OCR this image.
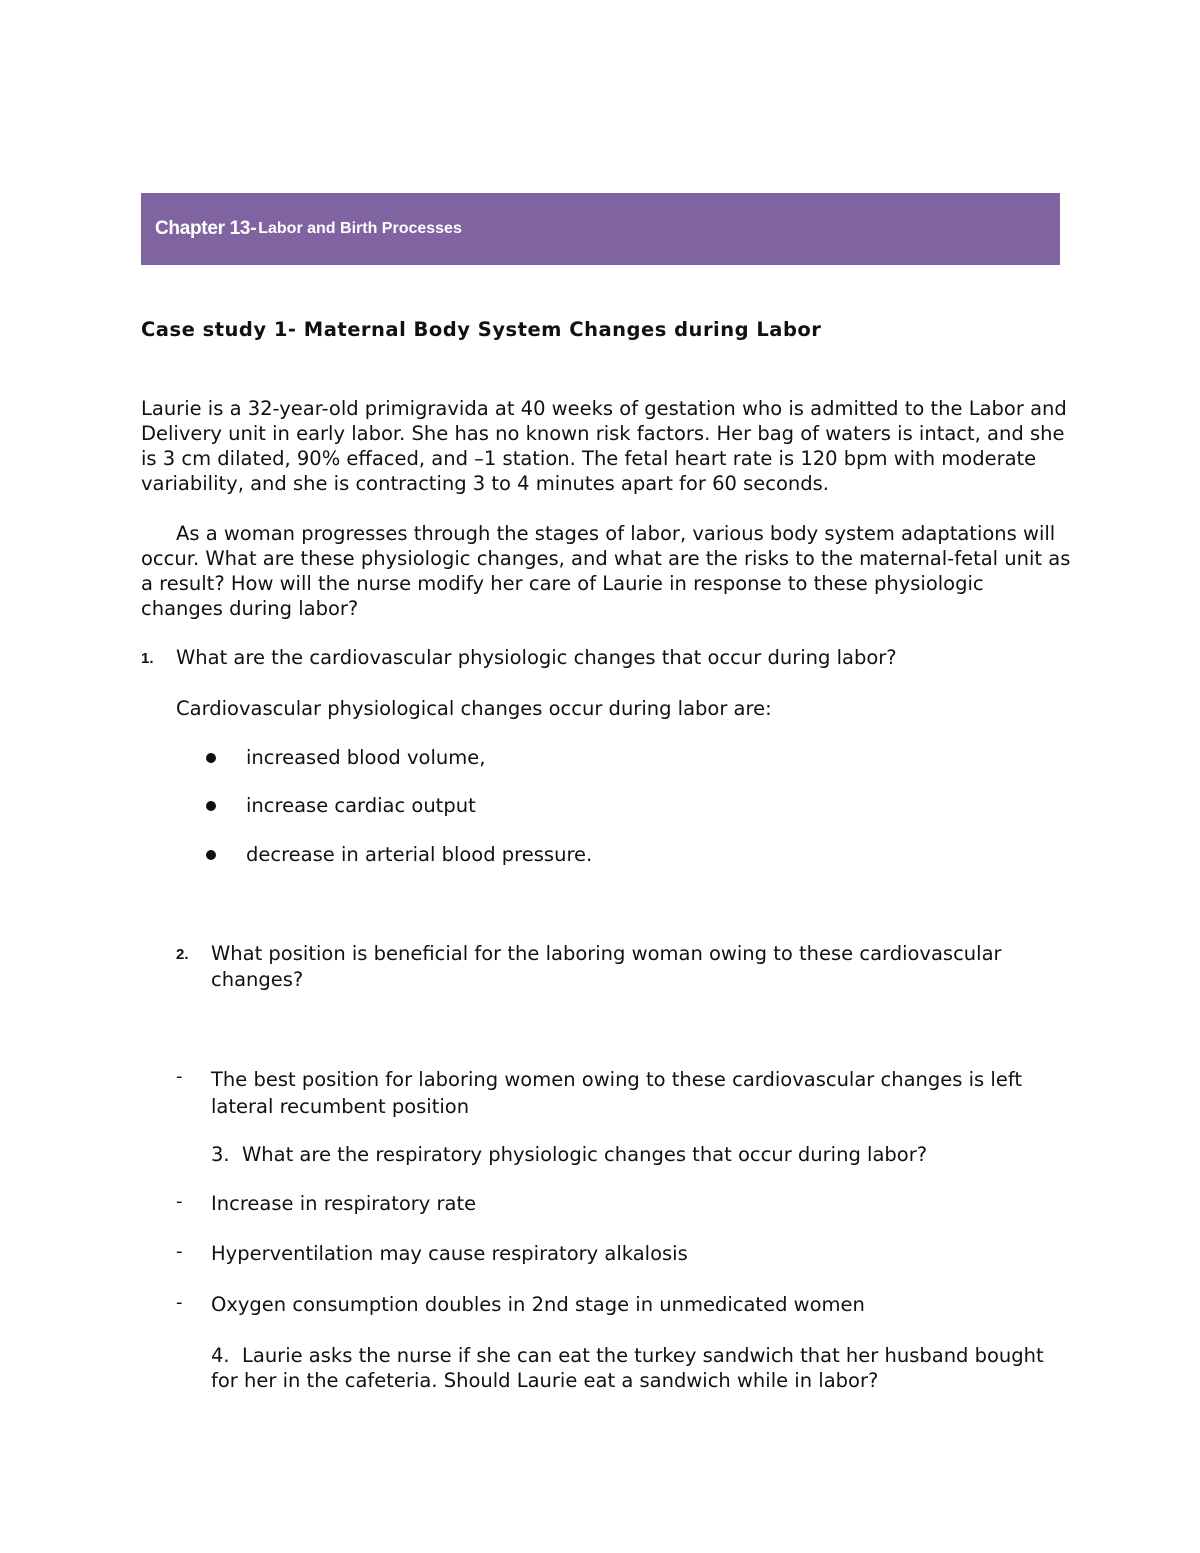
Chapter 13- Labor and Birth Processes
Case study 1- Maternal Body System Changes during Labor

Laurie is a 32-year-old primigravida at 40 weeks of gestation who is admitted to the Labor and Delivery unit in early labor. She has no known risk factors. Her bag of waters is intact, and she is 3 cm dilated, 90% effaced, and –1 station. The fetal heart rate is 120 bpm with moderate variability, and she is contracting 3 to 4 minutes apart for 60 seconds.

As a woman progresses through the stages of labor, various body system adaptations will occur. What are these physiologic changes, and what are the risks to the maternal-fetal unit as a result? How will the nurse modify her care of Laurie in response to these physiologic changes during labor?

1. What are the cardiovascular physiologic changes that occur during labor?
Cardiovascular physiological changes occur during labor are:
increased blood volume,
increase cardiac output
decrease in arterial blood pressure.
2. What position is beneficial for the laboring woman owing to these cardiovascular changes?

- The best position for laboring women owing to these cardiovascular changes is left lateral recumbent position

3.  What are the respiratory physiologic changes that occur during labor?
- Increase in respiratory rate
- Hyperventilation may cause respiratory alkalosis
- Oxygen consumption doubles in 2nd stage in unmedicated women

4.  Laurie asks the nurse if she can eat the turkey sandwich that her husband bought for her in the cafeteria. Should Laurie eat a sandwich while in labor?
